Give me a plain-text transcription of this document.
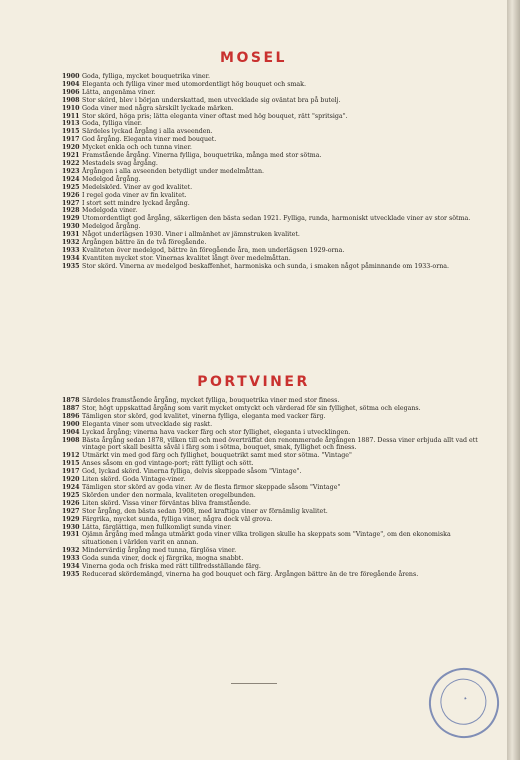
MOSEL
1900 Goda, fylliga, mycket bouquetrika viner.
1904 Eleganta och fylliga viner med utomordentligt hög bouquet och smak.
1906 Lätta, angenäma viner.
1908 Stor skörd, blev i början underskattad, men utvecklade sig oväntat bra på butelj.
1910 Goda viner med några särskilt lyckade märken.
1911 Stor skörd, höga pris; lätta eleganta viner oftast med hög bouquet, rätt "spritsiga".
1913 Goda, fylliga viner.
1915 Särdeles lyckad årgång i alla avseenden.
1917 God årgång. Eleganta viner med bouquet.
1920 Mycket enkla och och tunna viner.
1921 Framstående årgång. Vinerna fylliga, bouquetrika, många med stor sötma.
1922 Mestadels svag årgång.
1923 Årgången i alla avseenden betydligt under medelmåttan.
1924 Medelgod årgång.
1925 Medelskörd. Viner av god kvalitet.
1926 I regel goda viner av fin kvalitet.
1927 I stort sett mindre lyckad årgång.
1928 Medelgoda viner.
1929 Utomordentligt god årgång, säkerligen den bästa sedan 1921. Fylliga, runda, harmoniskt utvecklade viner av stor sötma.
1930 Medelgod årgång.
1931 Något underlägsen 1930. Viner i allmänhet av jämnstruken kvalitet.
1932 Årgången bättre än de två föregående.
1933 Kvaliteten över medelgod, bättre än föregående åra, men underlägsen 1929-orna.
1934 Kvantiten mycket stor. Vinernas kvalitet långt över medelmåttan.
1935 Stor skörd. Vinerna av medelgod beskaffenhet, harmoniska och sunda, i smaken något påminnande om 1933-orna.
PORTVINER
1878 Särdeles framstående årgång, mycket fylliga, bouquetrika viner med stor finess.
1887 Stor, högt uppskattad årgång som varit mycket omtyckt och värderad för sin fyllighet, sötma och elegans.
1896 Tämligen stor skörd, god kvalitet, vinerna fylliga, eleganta med vacker färg.
1900 Eleganta viner som utvecklade sig raskt.
1904 Lyckad årgång; vinerna hava vacker färg och stor fyllighet, eleganta i utvecklingen.
1908 Bästa årgång sedan 1878, vilken till och med överträffat den renommerade årgången 1887. Dessa viner erbjuda allt vad ett vintage port skall besitta såväl i färg som i sötma, bouquet, smak, fyllighet och finess.
1912 Utmärkt vin med god färg och fyllighet, bouquetrikt samt med stor sötma. "Vintage"
1915 Anses såsom en god vintage-port; rätt fylligt och sött.
1917 God, lyckad skörd. Vinerna fylliga, delvis skeppade såsom "Vintage".
1920 Liten skörd. Goda Vintage-viner.
1924 Tämligen stor skörd av goda viner. Av de flesta firmor skeppade såsom "Vintage"
1925 Skörden under den normala, kvaliteten oregelbunden.
1926 Liten skörd. Vissa viner förväntas bliva framstående.
1927 Stor årgång, den bästa sedan 1908, med kraftiga viner av förnämlig kvalitet.
1929 Färgrika, mycket sunda, fylliga viner, några dock väl grova.
1930 Lätta, färglättiga, men fullkomligt sunda viner.
1931 Ojämn årgång med många utmärkt goda viner vilka troligen skulle ha skeppats som "Vintage", om den ekonomiska situationen i världen varit en annan.
1932 Mindervärdig årgång med tunna, färglösa viner.
1933 Goda sunda viner, dock ej färgrika, mogna snabbt.
1934 Vinerna goda och friska med rätt tillfredsställande färg.
1935 Reducerad skördemängd, vinerna ha god bouquet och färg. Årgången bättre än de tre föregående årens.
✦
